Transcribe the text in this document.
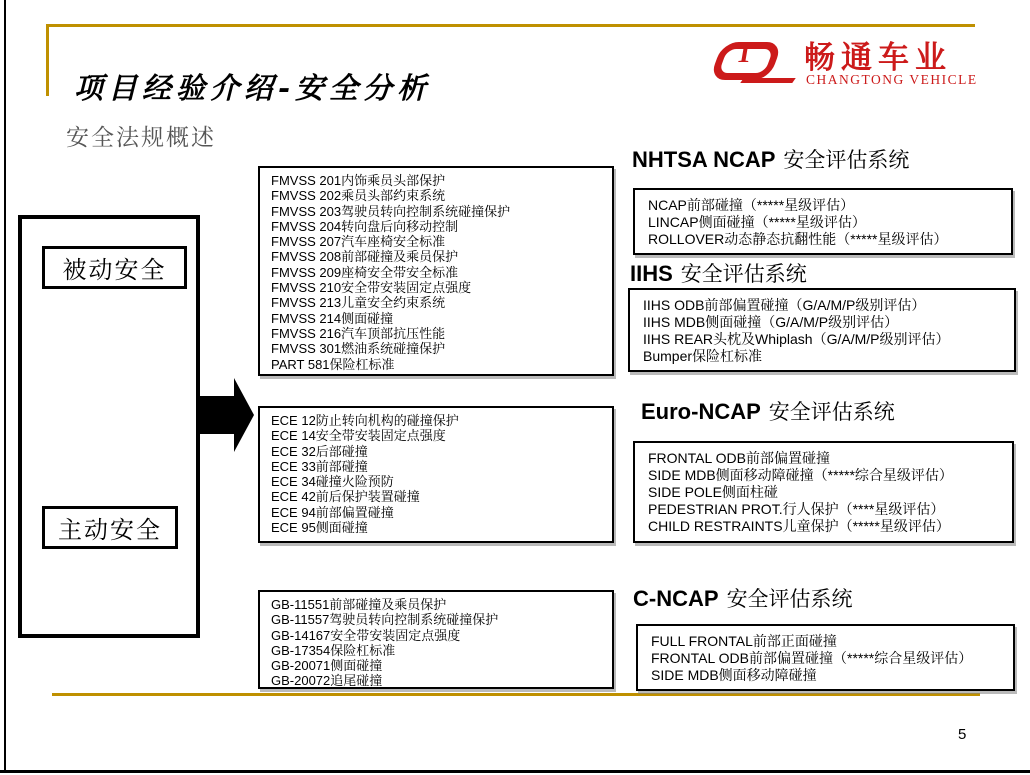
项目经验介绍-安全分析
安全法规概述
T 畅通车业
CHANGTONG VEHICLE
被动安全
主动安全
FMVSS 201内饰乘员头部保护
FMVSS 202乘员头部约束系统
FMVSS 203驾驶员转向控制系统碰撞保护
FMVSS 204转向盘后向移动控制
FMVSS 207汽车座椅安全标准
FMVSS 208前部碰撞及乘员保护
FMVSS 209座椅安全带安全标准
FMVSS 210安全带安装固定点强度
FMVSS 213儿童安全约束系统
FMVSS 214侧面碰撞
FMVSS 216汽车顶部抗压性能
FMVSS 301燃油系统碰撞保护
PART 581保险杠标准
ECE 12防止转向机构的碰撞保护
ECE 14安全带安装固定点强度
ECE 32后部碰撞
ECE 33前部碰撞
ECE 34碰撞火险预防
ECE 42前后保护装置碰撞
ECE 94前部偏置碰撞
ECE 95侧面碰撞
GB-11551前部碰撞及乘员保护
GB-11557驾驶员转向控制系统碰撞保护
GB-14167安全带安装固定点强度
GB-17354保险杠标准
GB-20071侧面碰撞
GB-20072追尾碰撞
NHTSA NCAP 安全评估系统
NCAP前部碰撞（*****星级评估）
LINCAP侧面碰撞（*****星级评估）
ROLLOVER动态静态抗翻性能（*****星级评估）
IIHS 安全评估系统
IIHS ODB前部偏置碰撞（G/A/M/P级别评估）
IIHS MDB侧面碰撞（G/A/M/P级别评估）
IIHS REAR头枕及Whiplash（G/A/M/P级别评估）
Bumper保险杠标准
Euro-NCAP 安全评估系统
FRONTAL ODB前部偏置碰撞
SIDE MDB侧面移动障碰撞（*****综合星级评估）
SIDE POLE侧面柱碰
PEDESTRIAN PROT.行人保护（****星级评估）
CHILD RESTRAINTS儿童保护（*****星级评估）
C-NCAP 安全评估系统
FULL FRONTAL前部正面碰撞
FRONTAL ODB前部偏置碰撞（*****综合星级评估）
SIDE MDB侧面移动障碰撞
5
